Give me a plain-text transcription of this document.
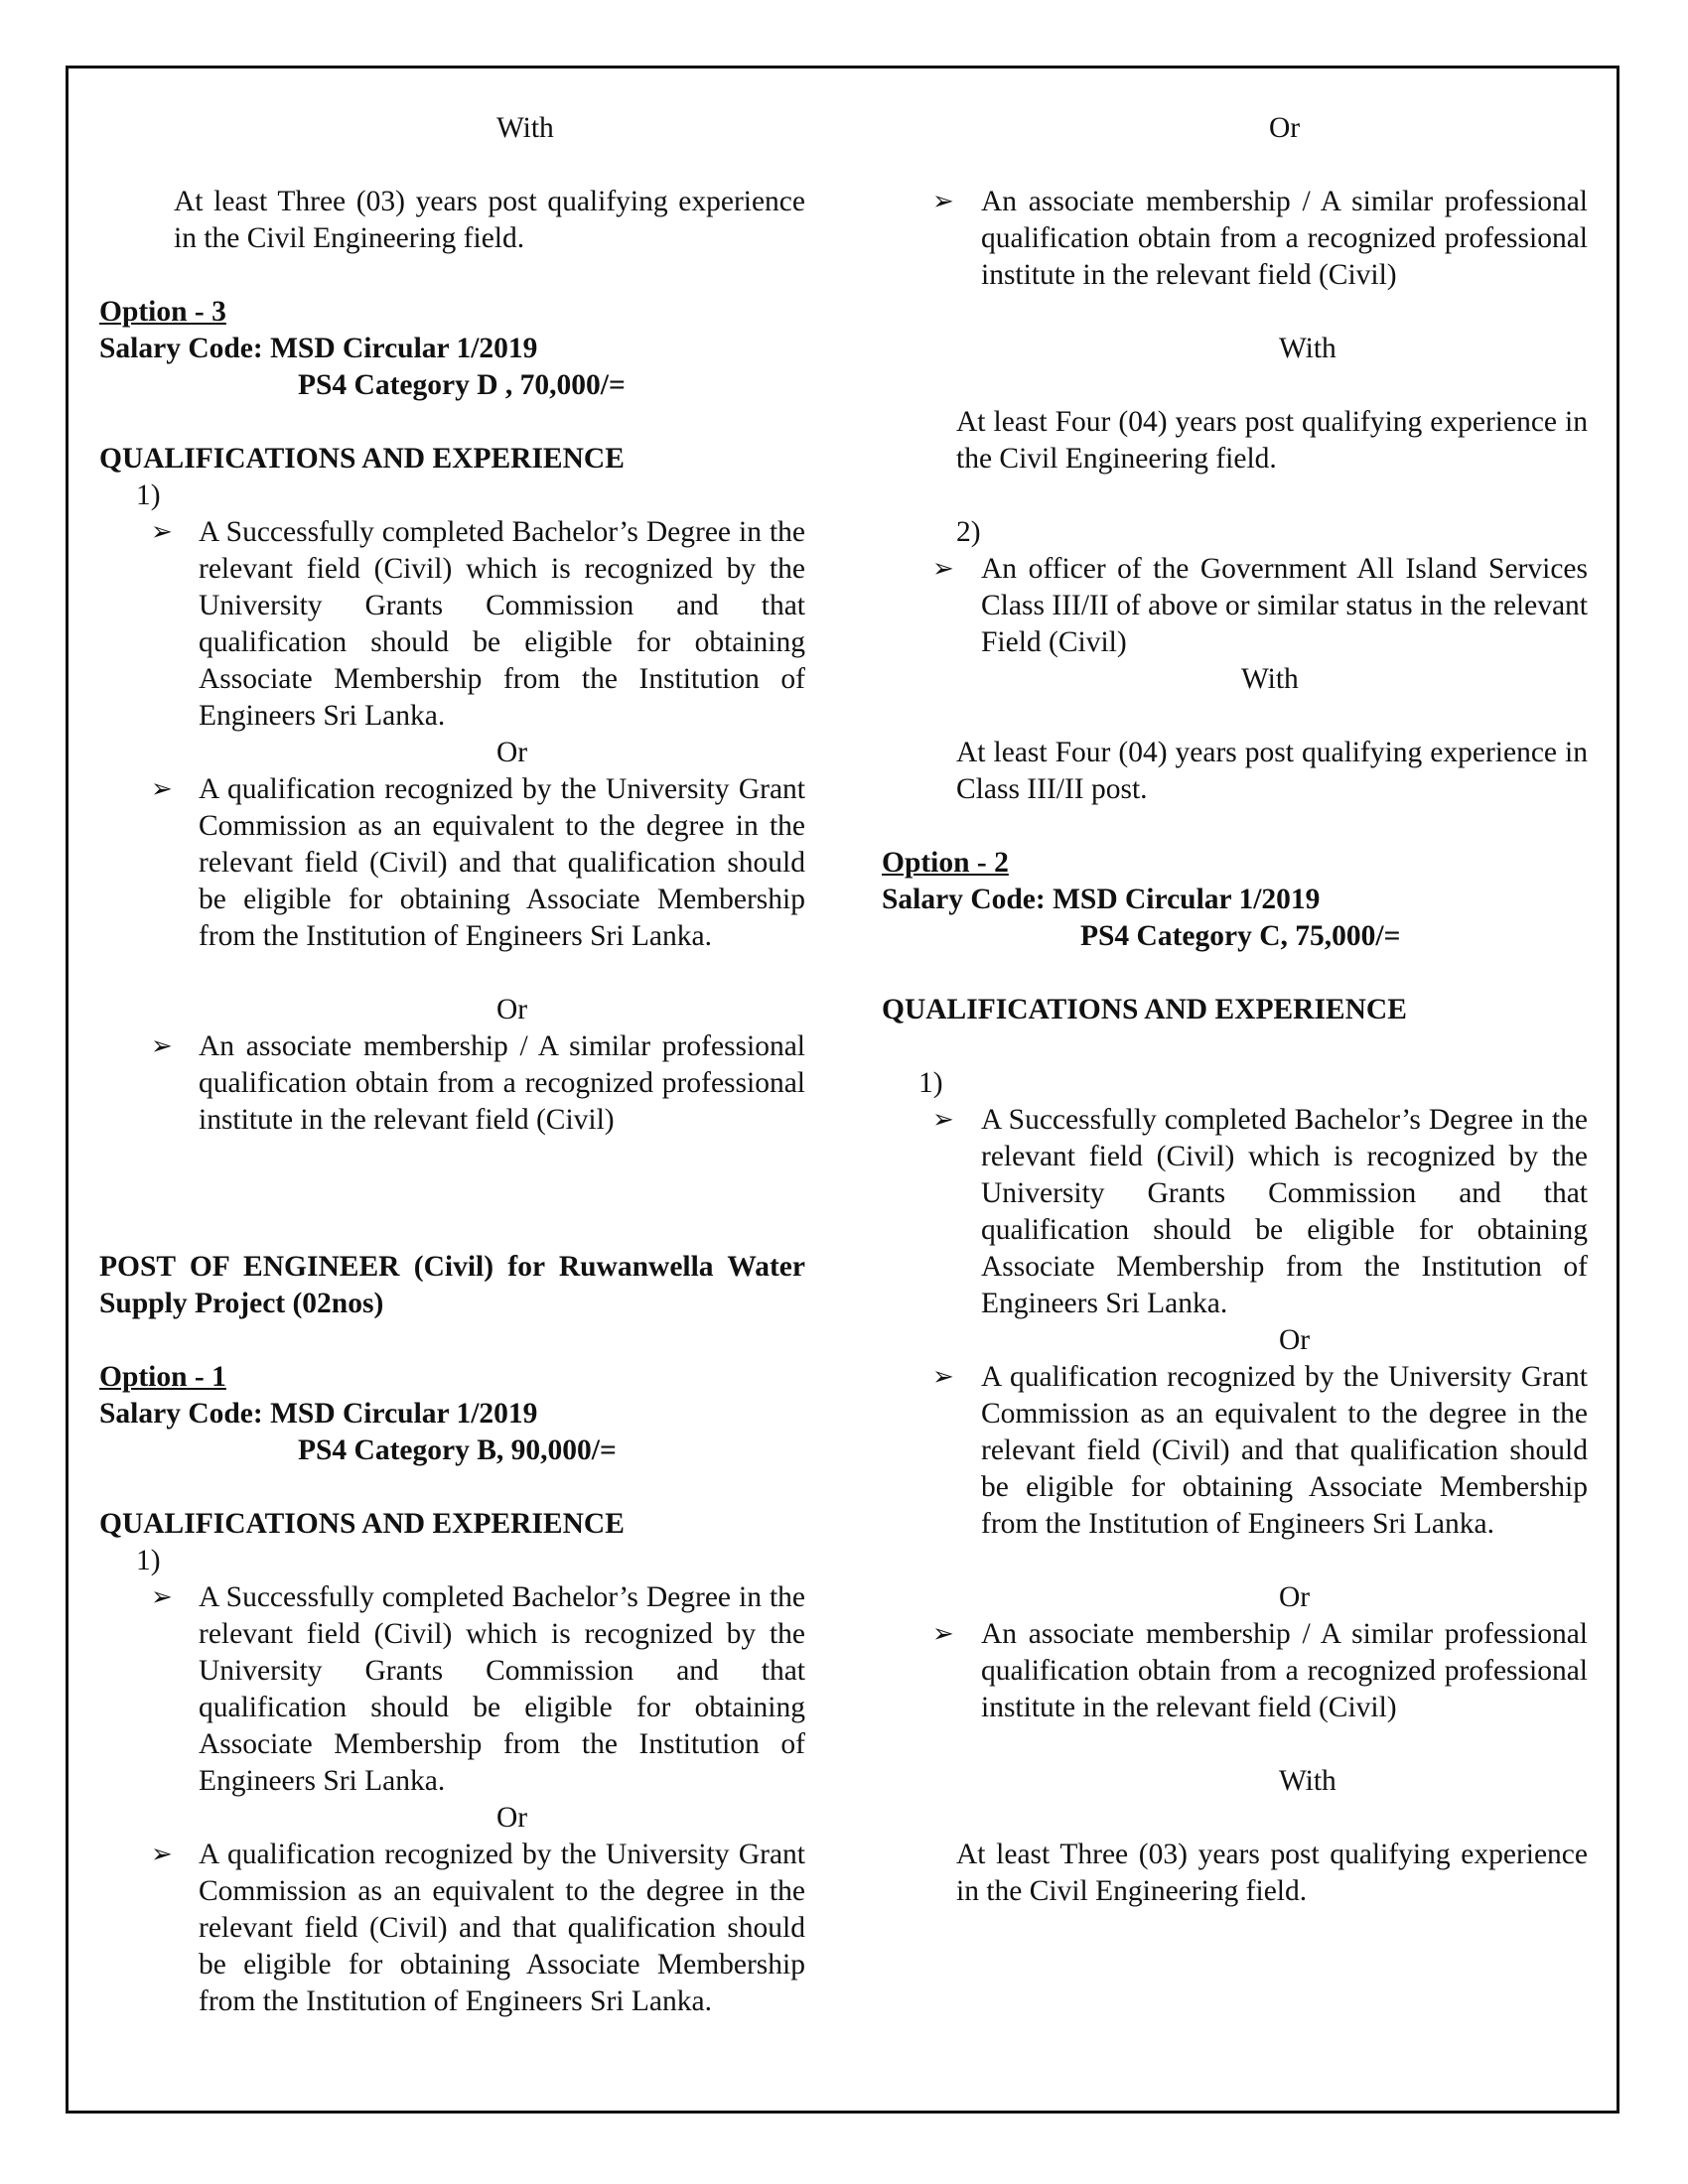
With
At least Three (03) years post qualifying experience in the Civil Engineering field.
Option - 3
Salary Code: MSD Circular 1/2019
PS4 Category D , 70,000/=
QUALIFICATIONS AND EXPERIENCE
1)
➢ A Successfully completed Bachelor’s Degree in the relevant field (Civil) which is recognized by the University Grants Commission and that qualification should be eligible for obtaining Associate Membership from the Institution of Engineers Sri Lanka.
Or
➢ A qualification recognized by the University Grant Commission as an equivalent to the degree in the relevant field (Civil) and that qualification should be eligible for obtaining Associate Membership from the Institution of Engineers Sri Lanka.
Or
➢ An associate membership / A similar professional qualification obtain from a recognized professional institute in the relevant field (Civil)
POST OF ENGINEER (Civil) for Ruwanwella Water Supply Project (02nos)
Option - 1
Salary Code: MSD Circular 1/2019
PS4 Category B, 90,000/=
QUALIFICATIONS AND EXPERIENCE
1)
➢ A Successfully completed Bachelor’s Degree in the relevant field (Civil) which is recognized by the University Grants Commission and that qualification should be eligible for obtaining Associate Membership from the Institution of Engineers Sri Lanka.
Or
➢ A qualification recognized by the University Grant Commission as an equivalent to the degree in the relevant field (Civil) and that qualification should be eligible for obtaining Associate Membership from the Institution of Engineers Sri Lanka.
Or
➢ An associate membership / A similar professional qualification obtain from a recognized professional institute in the relevant field (Civil)
With
At least Four (04) years post qualifying experience in the Civil Engineering field.
2)
➢ An officer of the Government All Island Services Class III/II of above or similar status in the relevant Field (Civil)
With
At least Four (04) years post qualifying experience in Class III/II post.
Option - 2
Salary Code: MSD Circular 1/2019
PS4 Category C, 75,000/=
QUALIFICATIONS AND EXPERIENCE
1)
➢ A Successfully completed Bachelor’s Degree in the relevant field (Civil) which is recognized by the University Grants Commission and that qualification should be eligible for obtaining Associate Membership from the Institution of Engineers Sri Lanka.
Or
➢ A qualification recognized by the University Grant Commission as an equivalent to the degree in the relevant field (Civil) and that qualification should be eligible for obtaining Associate Membership from the Institution of Engineers Sri Lanka.
Or
➢ An associate membership / A similar professional qualification obtain from a recognized professional institute in the relevant field (Civil)
With
At least Three (03) years post qualifying experience in the Civil Engineering field.
